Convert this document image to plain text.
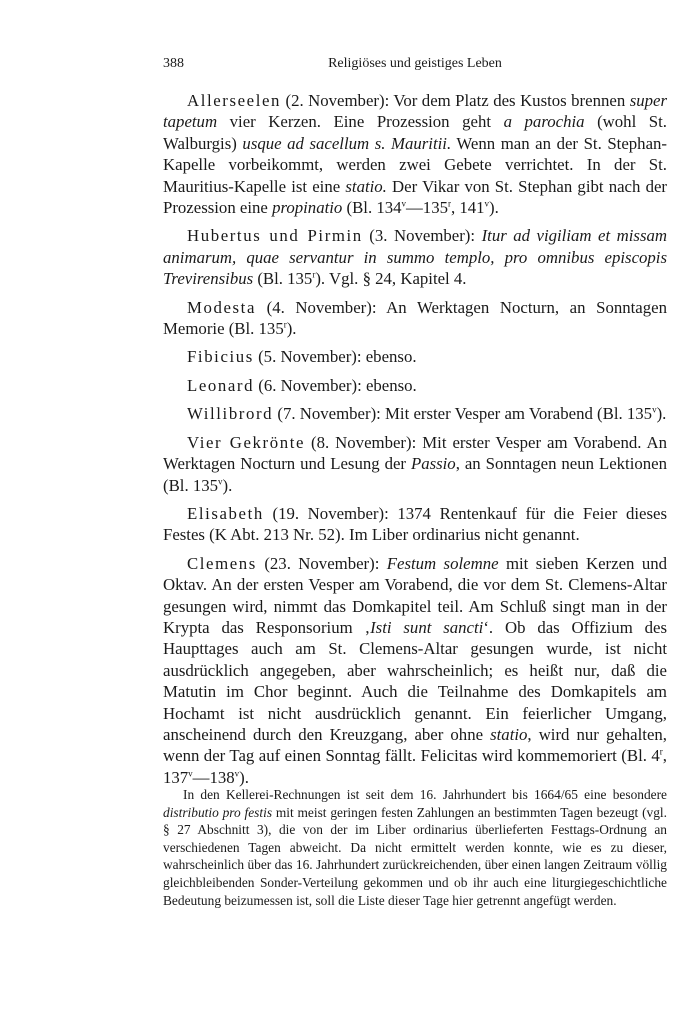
388	Religiöses und geistiges Leben

Allerseelen (2. November): Vor dem Platz des Kustos brennen super tapetum vier Kerzen. Eine Prozession geht a parochia (wohl St. Walburgis) usque ad sacellum s. Mauritii. Wenn man an der St. Stephan-Kapelle vorbeikommt, werden zwei Gebete verrichtet. In der St. Mauritius-Kapelle ist eine statio. Der Vikar von St. Stephan gibt nach der Prozession eine propinatio (Bl. 134$^v$—135$^r$, 141$^v$).

Hubertus und Pirmin (3. November): Itur ad vigiliam et missam animarum, quae servantur in summo templo, pro omnibus episcopis Trevirensibus (Bl. 135$^r$). Vgl. § 24, Kapitel 4.

Modesta (4. November): An Werktagen Nocturn, an Sonntagen Memorie (Bl. 135$^r$).

Fibicius (5. November): ebenso.

Leonard (6. November): ebenso.

Willibrord (7. November): Mit erster Vesper am Vorabend (Bl. 135$^v$).

Vier Gekrönte (8. November): Mit erster Vesper am Vorabend. An Werktagen Nocturn und Lesung der Passio, an Sonntagen neun Lektionen (Bl. 135$^v$).

Elisabeth (19. November): 1374 Rentenkauf für die Feier dieses Festes (K Abt. 213 Nr. 52). Im Liber ordinarius nicht genannt.

Clemens (23. November): Festum solemne mit sieben Kerzen und Oktav. An der ersten Vesper am Vorabend, die vor dem St. Clemens-Altar gesungen wird, nimmt das Domkapitel teil. Am Schluß singt man in der Krypta das Responsorium ‚Isti sunt sancti‘. Ob das Offizium des Haupttages auch am St. Clemens-Altar gesungen wurde, ist nicht ausdrücklich angegeben, aber wahrscheinlich; es heißt nur, daß die Matutin im Chor beginnt. Auch die Teilnahme des Domkapitels am Hochamt ist nicht ausdrücklich genannt. Ein feierlicher Umgang, anscheinend durch den Kreuzgang, aber ohne statio, wird nur gehalten, wenn der Tag auf einen Sonntag fällt. Felicitas wird kommemoriert (Bl. 4$^r$, 137$^v$—138$^v$).

In den Kellerei-Rechnungen ist seit dem 16. Jahrhundert bis 1664/65 eine besondere distributio pro festis mit meist geringen festen Zahlungen an bestimmten Tagen bezeugt (vgl. § 27 Abschnitt 3), die von der im Liber ordinarius überlieferten Festtags-Ordnung an verschiedenen Tagen abweicht. Da nicht ermittelt werden konnte, wie es zu dieser, wahrscheinlich über das 16. Jahrhundert zurückreichenden, über einen langen Zeitraum völlig gleichbleibenden Sonder-Verteilung gekommen und ob ihr auch eine liturgiegeschichtliche Bedeutung beizumessen ist, soll die Liste dieser Tage hier getrennt angefügt werden.
